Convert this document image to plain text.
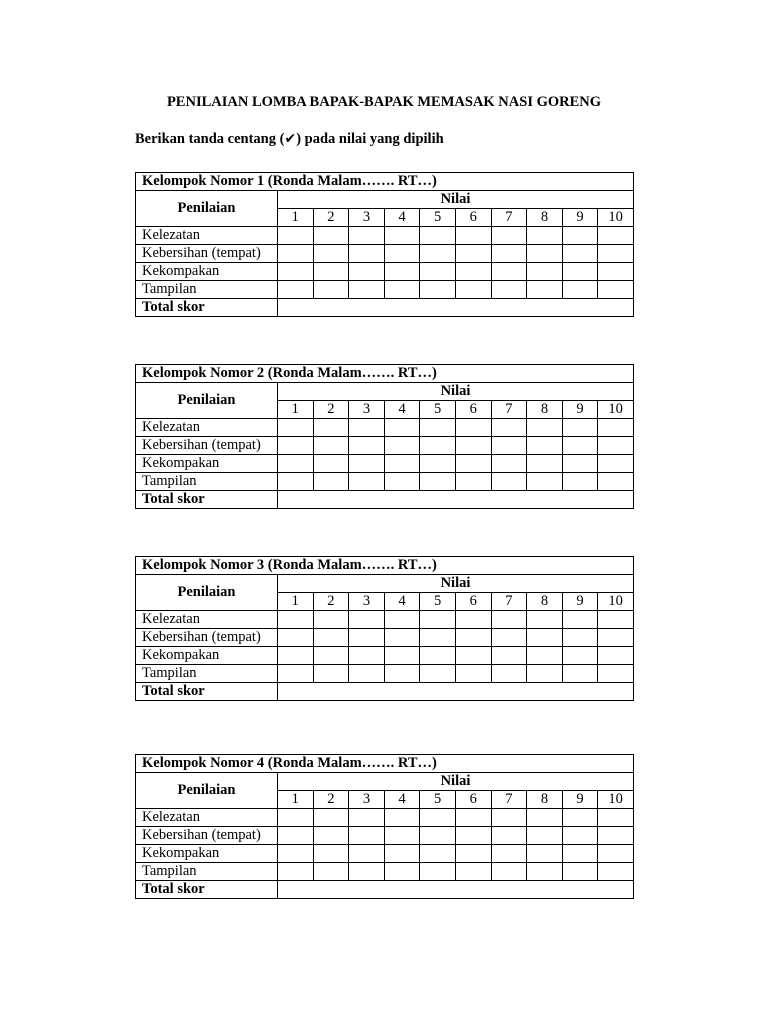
PENILAIAN LOMBA BAPAK-BAPAK MEMASAK NASI GORENG
Berikan tanda centang (✔) pada nilai yang dipilih
Kelompok Nomor 1 (Ronda Malam……. RT…)										
Penilaian	Nilai									
	1	2	3	4	5	6	7	8	9	10
Kelezatan										
Kebersihan (tempat)										
Kekompakan										
Tampilan										
Total skor										
Kelompok Nomor 2 (Ronda Malam……. RT…)										
Penilaian	Nilai									
	1	2	3	4	5	6	7	8	9	10
Kelezatan										
Kebersihan (tempat)										
Kekompakan										
Tampilan										
Total skor										
Kelompok Nomor 3 (Ronda Malam……. RT…)										
Penilaian	Nilai									
	1	2	3	4	5	6	7	8	9	10
Kelezatan										
Kebersihan (tempat)										
Kekompakan										
Tampilan										
Total skor										
Kelompok Nomor 4 (Ronda Malam……. RT…)										
Penilaian	Nilai									
	1	2	3	4	5	6	7	8	9	10
Kelezatan										
Kebersihan (tempat)										
Kekompakan										
Tampilan										
Total skor										
